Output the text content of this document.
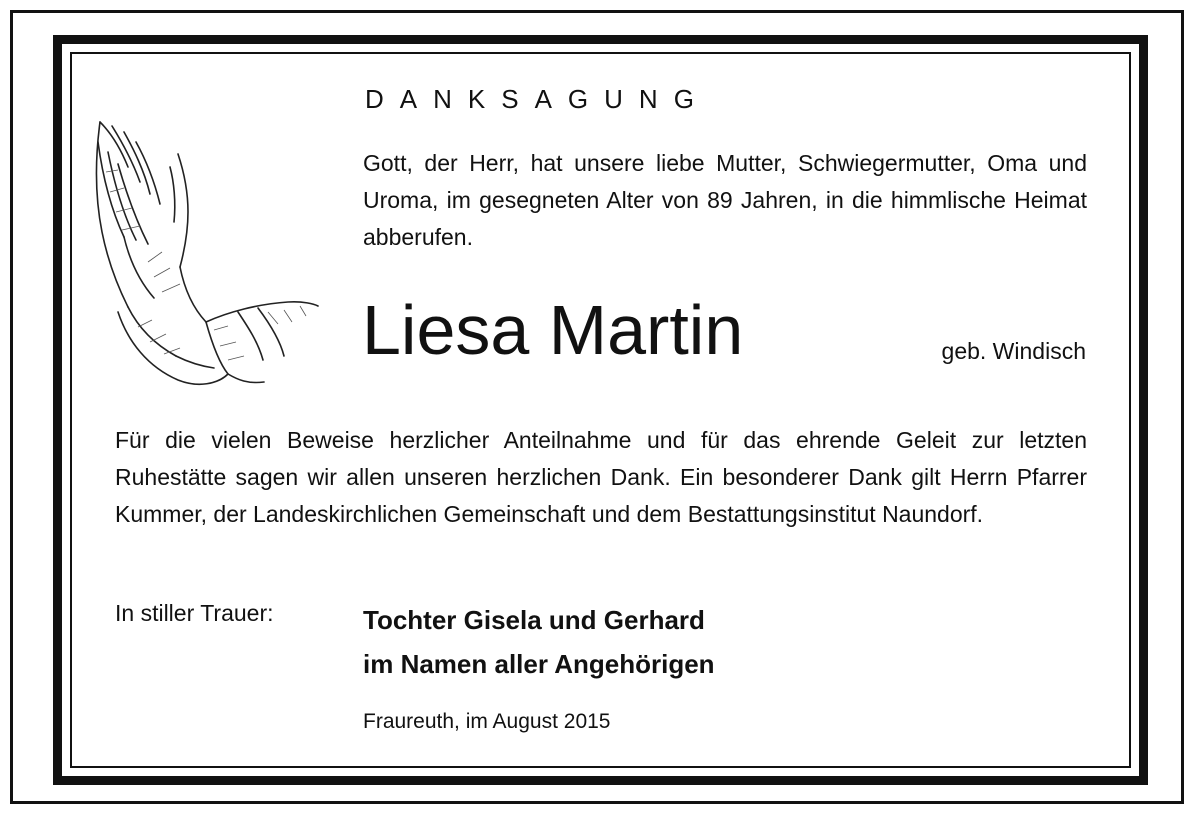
DANKSAGUNG

Gott, der Herr, hat unsere liebe Mutter, Schwiegermutter, Oma und Uroma, im gesegneten Alter von 89 Jahren, in die himmlische Heimat abberufen.

Liesa Martin	geb. Windisch

Für die vielen Beweise herzlicher Anteilnahme und für das ehrende Geleit zur letzten Ruhestätte sagen wir allen unseren herzlichen Dank. Ein besonderer Dank gilt Herrn Pfarrer Kummer, der Landeskirchlichen Gemeinschaft und dem Bestattungsinstitut Naundorf.

In stiller Trauer:	Tochter Gisela und Gerhard
im Namen aller Angehörigen

Fraureuth, im August 2015
